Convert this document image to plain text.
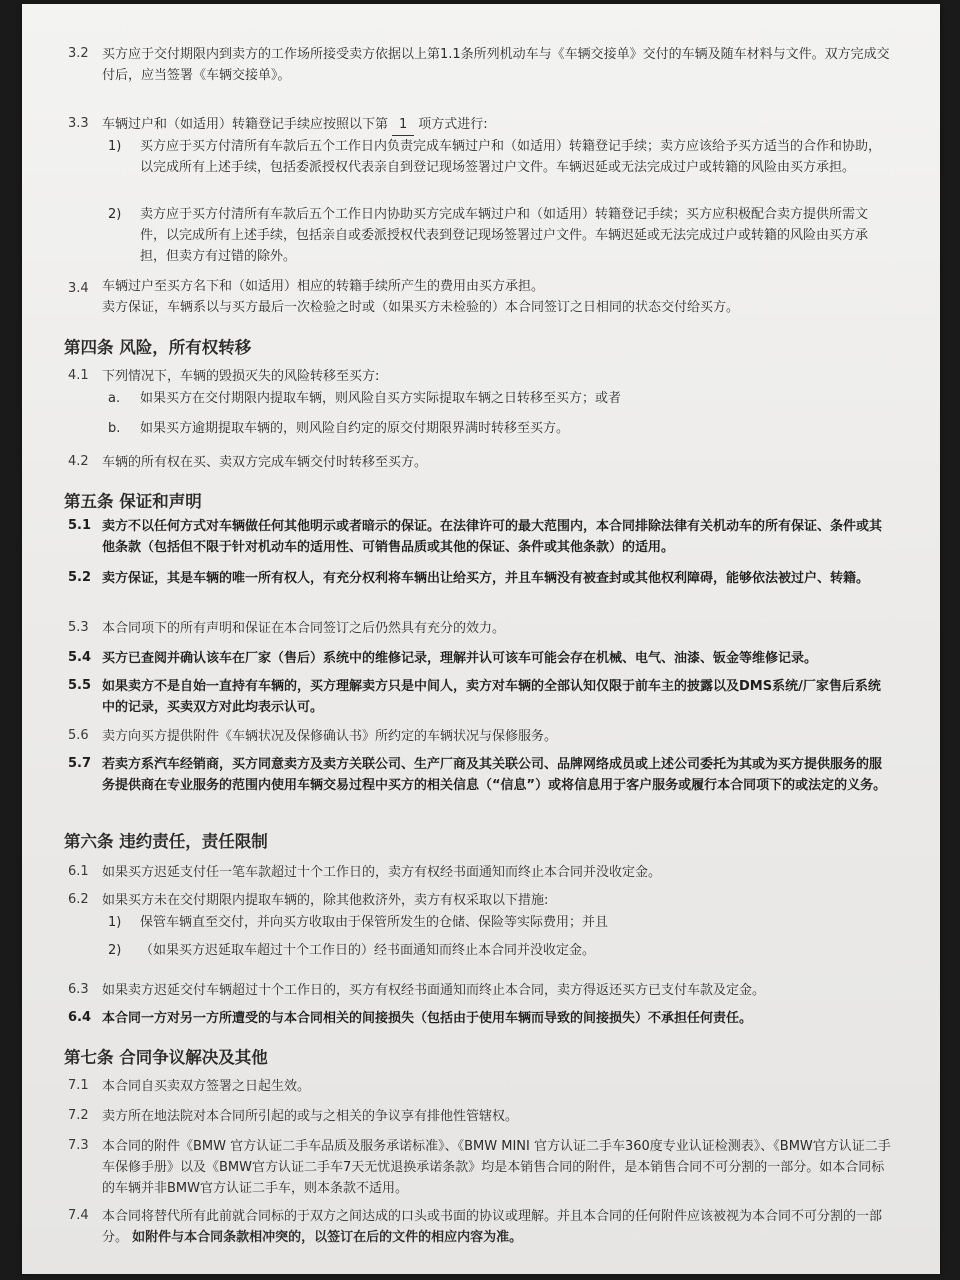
3.2 买方应于交付期限内到卖方的工作场所接受卖方依据以上第1.1条所列机动车与《车辆交接单》交付的车辆及随车材料与文件。双方完成交付后，应当签署《车辆交接单》。
3.3 车辆过户和（如适用）转籍登记手续应按照以下第 1 项方式进行:
1) 买方应于买方付清所有车款后五个工作日内负责完成车辆过户和（如适用）转籍登记手续；卖方应该给予买方适当的合作和协助，以完成所有上述手续，包括委派授权代表亲自到登记现场签署过户文件。车辆迟延或无法完成过户或转籍的风险由买方承担。
2) 卖方应于买方付清所有车款后五个工作日内协助买方完成车辆过户和（如适用）转籍登记手续；买方应积极配合卖方提供所需文件，以完成所有上述手续，包括亲自或委派授权代表到登记现场签署过户文件。车辆迟延或无法完成过户或转籍的风险由买方承担，但卖方有过错的除外。
3.4 车辆过户至买方名下和（如适用）相应的转籍手续所产生的费用由买方承担。
卖方保证，车辆系以与买方最后一次检验之时或（如果买方未检验的）本合同签订之日相同的状态交付给买方。
第四条 风险，所有权转移
4.1 下列情况下，车辆的毁损灭失的风险转移至买方:
a. 如果买方在交付期限内提取车辆，则风险自买方实际提取车辆之日转移至买方；或者
b. 如果买方逾期提取车辆的，则风险自约定的原交付期限界满时转移至买方。
4.2 车辆的所有权在买、卖双方完成车辆交付时转移至买方。
第五条 保证和声明
5.1 卖方不以任何方式对车辆做任何其他明示或者暗示的保证。在法律许可的最大范围内，本合同排除法律有关机动车的所有保证、条件或其他条款（包括但不限于针对机动车的适用性、可销售品质或其他的保证、条件或其他条款）的适用。
5.2 卖方保证，其是车辆的唯一所有权人，有充分权利将车辆出让给买方，并且车辆没有被查封或其他权利障碍，能够依法被过户、转籍。
5.3 本合同项下的所有声明和保证在本合同签订之后仍然具有充分的效力。
5.4 买方已查阅并确认该车在厂家（售后）系统中的维修记录，理解并认可该车可能会存在机械、电气、油漆、钣金等维修记录。
5.5 如果卖方不是自始一直持有车辆的，买方理解卖方只是中间人，卖方对车辆的全部认知仅限于前车主的披露以及DMS系统/厂家售后系统中的记录，买卖双方对此均表示认可。
5.6 卖方向买方提供附件《车辆状况及保修确认书》所约定的车辆状况与保修服务。
5.7 若卖方系汽车经销商，买方同意卖方及卖方关联公司、生产厂商及其关联公司、品牌网络成员或上述公司委托为其或为买方提供服务的服务提供商在专业服务的范围内使用车辆交易过程中买方的相关信息（“信息”）或将信息用于客户服务或履行本合同项下的或法定的义务。
第六条 违约责任，责任限制
6.1 如果买方迟延支付任一笔车款超过十个工作日的，卖方有权经书面通知而终止本合同并没收定金。
6.2 如果买方未在交付期限内提取车辆的，除其他救济外，卖方有权采取以下措施:
1) 保管车辆直至交付，并向买方收取由于保管所发生的仓储、保险等实际费用；并且
2) （如果买方迟延取车超过十个工作日的）经书面通知而终止本合同并没收定金。
6.3 如果卖方迟延交付车辆超过十个工作日的，买方有权经书面通知而终止本合同，卖方得返还买方已支付车款及定金。
6.4 本合同一方对另一方所遭受的与本合同相关的间接损失（包括由于使用车辆而导致的间接损失）不承担任何责任。
第七条 合同争议解决及其他
7.1 本合同自买卖双方签署之日起生效。
7.2 卖方所在地法院对本合同所引起的或与之相关的争议享有排他性管辖权。
7.3 本合同的附件《BMW 官方认证二手车品质及服务承诺标准》、《BMW MINI 官方认证二手车360度专业认证检测表》、《BMW官方认证二手车保修手册》以及《BMW官方认证二手车7天无忧退换承诺条款》均是本销售合同的附件，是本销售合同不可分割的一部分。如本合同标的车辆并非BMW官方认证二手车，则本条款不适用。
7.4 本合同将替代所有此前就合同标的于双方之间达成的口头或书面的协议或理解。并且本合同的任何附件应该被视为本合同不可分割的一部分。 如附件与本合同条款相冲突的，以签订在后的文件的相应内容为准。
